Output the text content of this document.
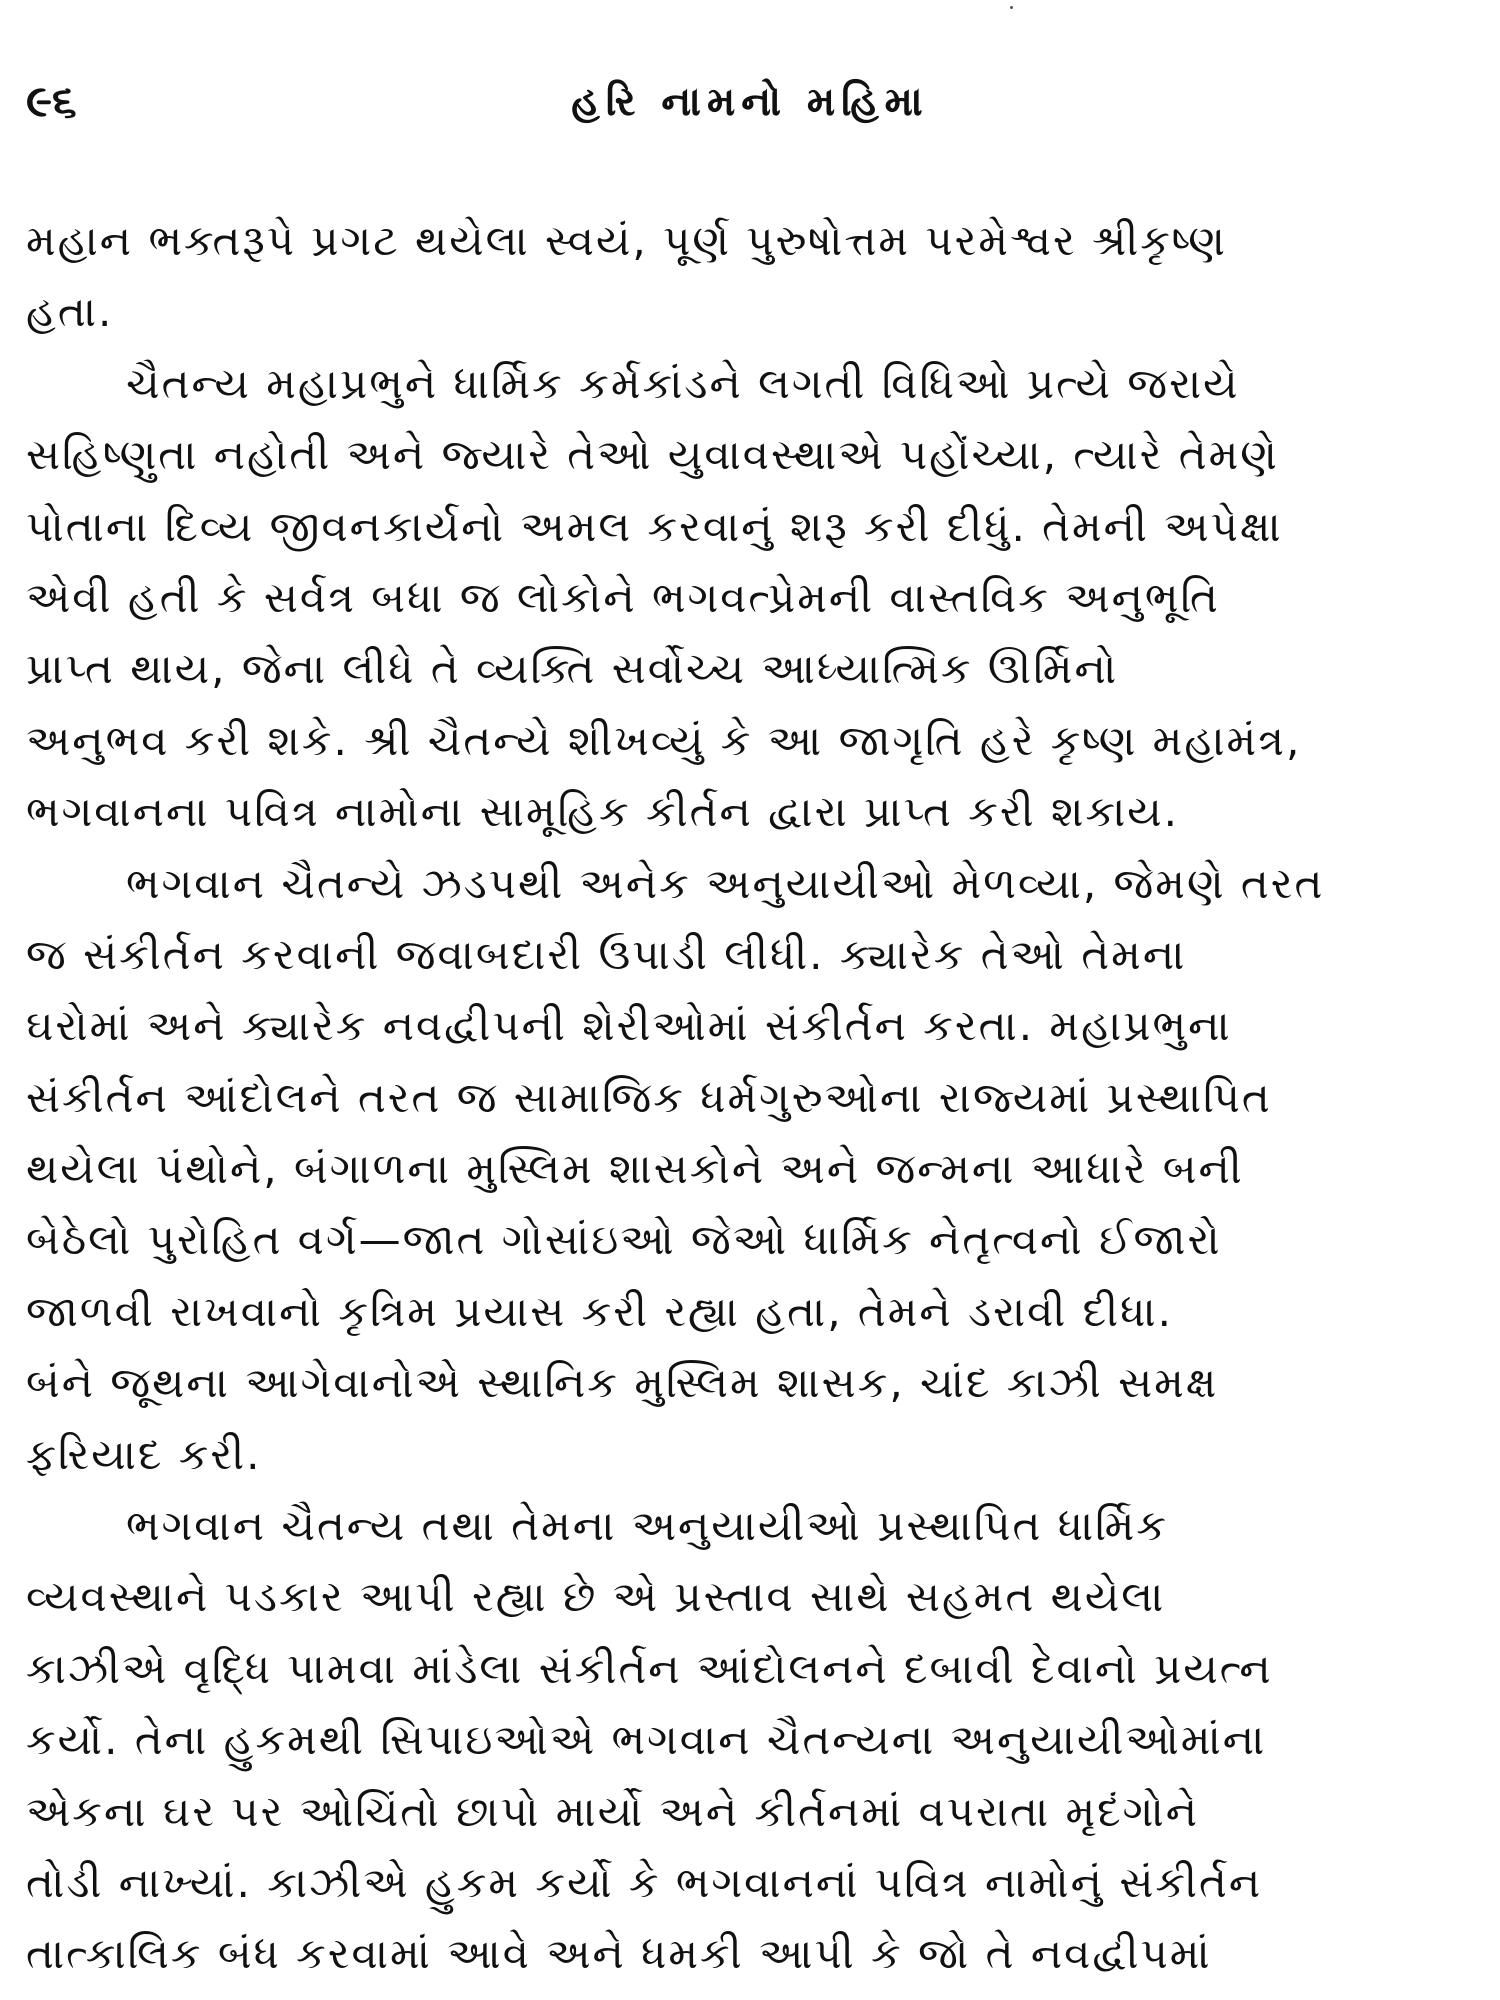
૯૬	હરિ નામનો મહિમા
મહાન ભક્તરૂપે પ્રગટ થયેલા સ્વયં, પૂર્ણ પુરુષોત્તમ પરમેશ્વર શ્રીકૃષ્ણ
હતા.
ચૈતન્ય મહાપ્રભુને ધાર્મિક કર્મકાંડને લગતી વિધિઓ પ્રત્યે જરાયે
સહિષ્ણુતા નહોતી અને જ્યારે તેઓ યુવાવસ્થાએ પહોંચ્યા, ત્યારે તેમણે
પોતાના દિવ્ય જીવનકાર્યનો અમલ કરવાનું શરૂ કરી દીધું. તેમની અપેક્ષા
એવી હતી કે સર્વત્ર બધા જ લોકોને ભગવત્પ્રેમની વાસ્તવિક અનુભૂતિ
પ્રાપ્ત થાય, જેના લીધે તે વ્યક્તિ સર્વોચ્ચ આધ્યાત્મિક ઊર્મિનો
અનુભવ કરી શકે. શ્રી ચૈતન્યે શીખવ્યું કે આ જાગૃતિ હરે કૃષ્ણ મહામંત્ર,
ભગવાનના પવિત્ર નામોના સામૂહિક કીર્તન દ્વારા પ્રાપ્ત કરી શકાય.
ભગવાન ચૈતન્યે ઝડપથી અનેક અનુયાયીઓ મેળવ્યા, જેમણે તરત
જ સંકીર્તન કરવાની જવાબદારી ઉપાડી લીધી. ક્યારેક તેઓ તેમના
ઘરોમાં અને ક્યારેક નવદ્વીપની શેરીઓમાં સંકીર્તન કરતા. મહાપ્રભુના
સંકીર્તન આંદોલને તરત જ સામાજિક ધર્મગુરુઓના રાજ્યમાં પ્રસ્થાપિત
થયેલા પંથોને, બંગાળના મુસ્લિમ શાસકોને અને જન્મના આધારે બની
બેઠેલો પુરોહિત વર્ગ—જાત ગોસાંઇઓ જેઓ ધાર્મિક નેતૃત્વનો ઈજારો
જાળવી રાખવાનો કૃત્રિમ પ્રયાસ કરી રહ્યા હતા, તેમને ડરાવી દીધા.
બંને જૂથના આગેવાનોએ સ્થાનિક મુસ્લિમ શાસક, ચાંદ કાઝી સમક્ષ
ફરિયાદ કરી.
ભગવાન ચૈતન્ય તથા તેમના અનુયાયીઓ પ્રસ્થાપિત ધાર્મિક
વ્યવસ્થાને પડકાર આપી રહ્યા છે એ પ્રસ્તાવ સાથે સહમત થયેલા
કાઝીએ વૃદ્ધિ પામવા માંડેલા સંકીર્તન આંદોલનને દબાવી દેવાનો પ્રયત્ન
કર્યો. તેના હુકમથી સિપાઇઓએ ભગવાન ચૈતન્યના અનુયાયીઓમાંના
એકના ઘર પર ઓચિંતો છાપો માર્યો અને કીર્તનમાં વપરાતા મૃદંગોને
તોડી નાખ્યાં. કાઝીએ હુકમ કર્યો કે ભગવાનનાં પવિત્ર નામોનું સંકીર્તન
તાત્કાલિક બંધ કરવામાં આવે અને ધમકી આપી કે જો તે નવદ્વીપમાં
